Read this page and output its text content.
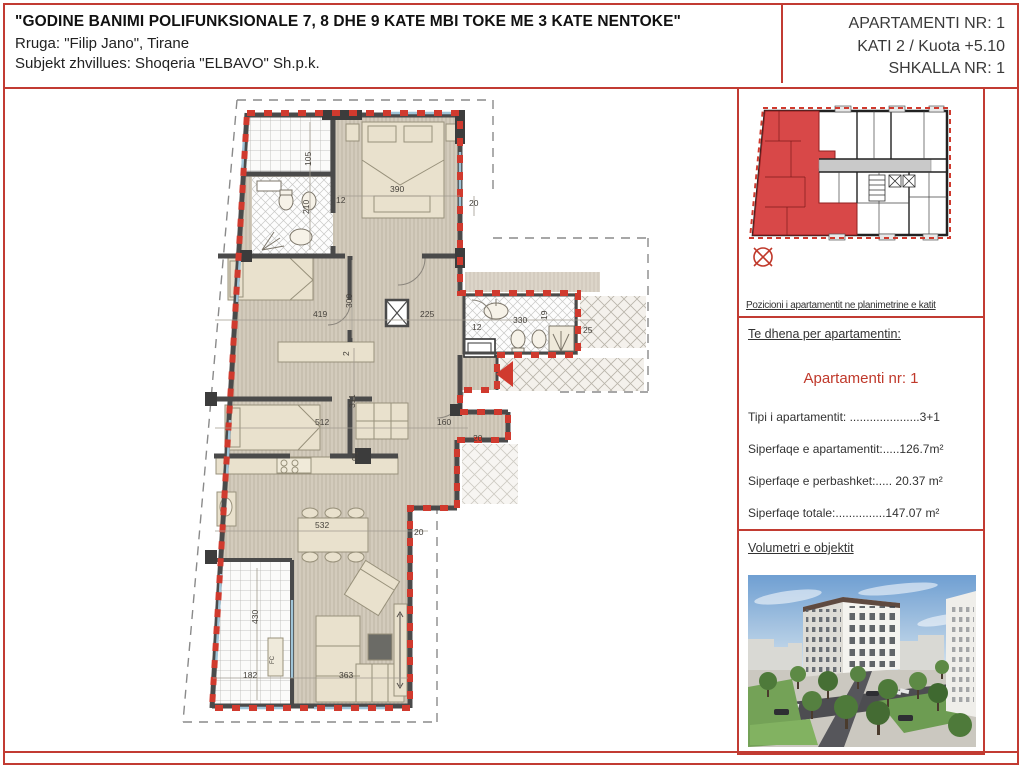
"GODINE BANIMI POLIFUNKSIONALE 7, 8 DHE 9 KATE MBI TOKE ME 3 KATE NENTOKE"
Rruga: "Filip Jano", Tirane
Subjekt zhvillues: Shoqeria "ELBAVO" Sh.p.k.
APARTAMENTI NR: 1
KATI 2 / Kuota +5.10
SHKALLA NR: 1
390
105
210	12	20
419
300
225
12
330 19
25
2
311
512	160
20
91
532
20
430
182	363
FC
Pozicioni i apartamentit ne planimetrine e katit
Te dhena per apartamentin:
Apartamenti nr: 1
Tipi i apartamentit: .....................3+1
Siperfaqe e apartamentit:.....126.7m²
Siperfaqe e perbashket:..... 20.37 m²
Siperfaqe totale:...............147.07 m²
Volumetri e objektit
